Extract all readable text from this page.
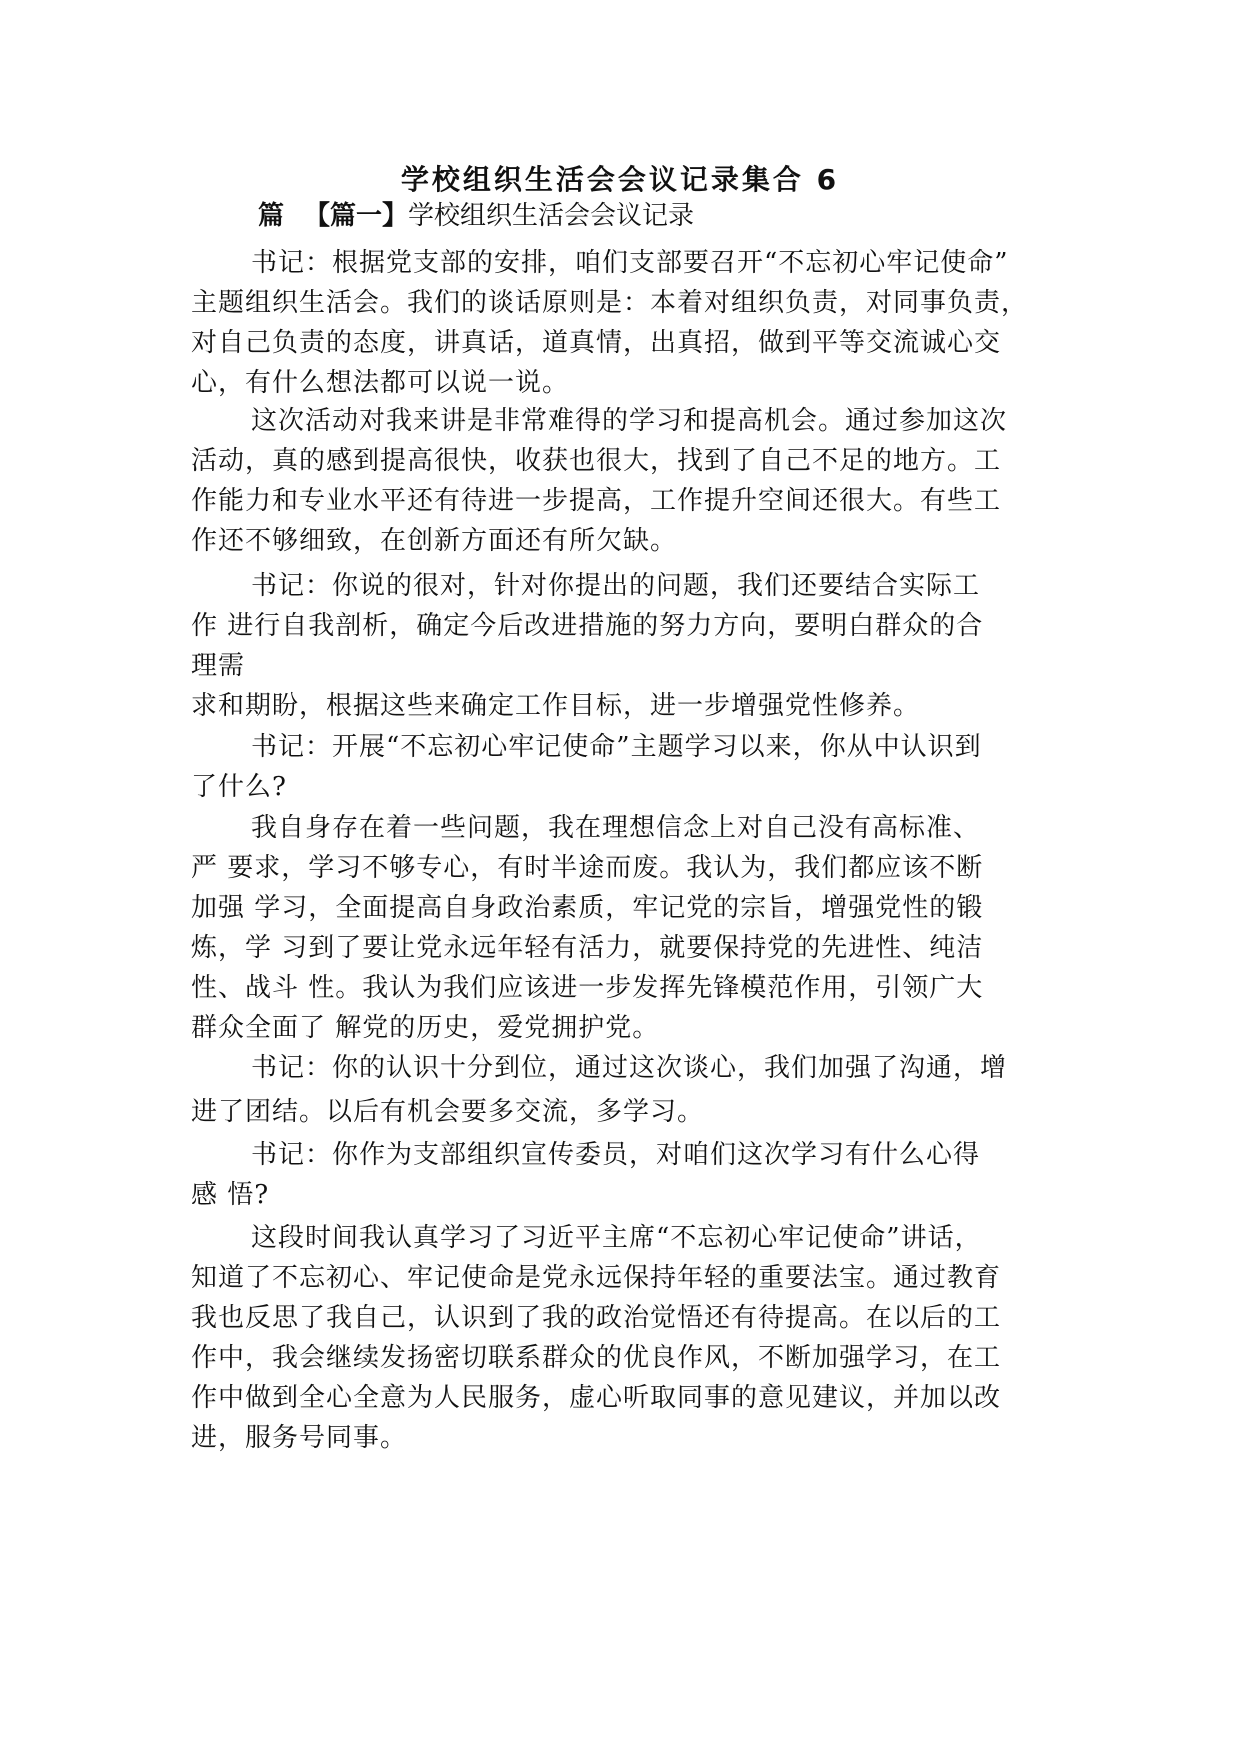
学校组织生活会会议记录集合 6
篇 【篇一】学校组织生活会会议记录
书记：根据党支部的安排，咱们支部要召开“不忘初心牢记使命”
主题组织生活会。我们的谈话原则是：本着对组织负责，对同事负责，
对自己负责的态度，讲真话，道真情，出真招，做到平等交流诚心交
心，有什么想法都可以说一说。
这次活动对我来讲是非常难得的学习和提高机会。通过参加这次
活动，真的感到提高很快，收获也很大，找到了自己不足的地方。工
作能力和专业水平还有待进一步提高，工作提升空间还很大。有些工
作还不够细致，在创新方面还有所欠缺。
书记：你说的很对，针对你提出的问题，我们还要结合实际工
作 进行自我剖析，确定今后改进措施的努力方向，要明白群众的合
理需
求和期盼，根据这些来确定工作目标，进一步增强党性修养。
书记：开展“不忘初心牢记使命”主题学习以来，你从中认识到
了什么?
我自身存在着一些问题，我在理想信念上对自己没有高标准、
严 要求，学习不够专心，有时半途而废。我认为，我们都应该不断
加强 学习，全面提高自身政治素质，牢记党的宗旨，增强党性的锻
炼，学 习到了要让党永远年轻有活力，就要保持党的先进性、纯洁
性、战斗 性。我认为我们应该进一步发挥先锋模范作用，引领广大
群众全面了 解党的历史，爱党拥护党。
书记：你的认识十分到位，通过这次谈心，我们加强了沟通，增
进了团结。以后有机会要多交流，多学习。
书记：你作为支部组织宣传委员，对咱们这次学习有什么心得
感 悟?
这段时间我认真学习了习近平主席“不忘初心牢记使命”讲话，
知道了不忘初心、牢记使命是党永远保持年轻的重要法宝。通过教育
我也反思了我自己，认识到了我的政治觉悟还有待提高。在以后的工
作中，我会继续发扬密切联系群众的优良作风，不断加强学习，在工
作中做到全心全意为人民服务，虚心听取同事的意见建议，并加以改
进，服务号同事。
